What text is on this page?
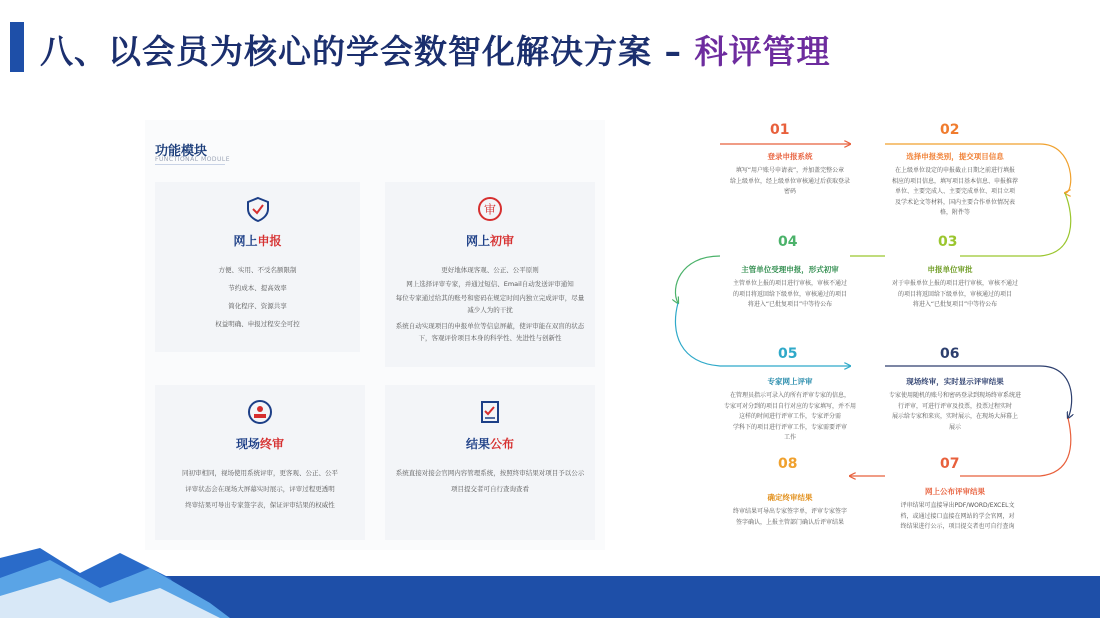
八、以会员为核心的学会数智化解决方案 – 科评管理
功能模块
FUNCTIONAL MODULE
网上申报
方便、实用、不受名额限制
节约成本、提高效率
简化程序、资源共享
权益明确、申报过程安全可控
审
网上初审
更好地体现客观、公正、公平原则
网上选择评审专家，并通过短信、Email自动发送评审通知
每位专家通过给其的账号和密码在规定时间内独立完成评审，尽量减少人为的干扰
系统自动实现项目的申报单位等信息屏蔽，使评审能在双盲的状态下，客观评价项目本身的科学性、先进性与创新性
现场终审
同初审相同，视场使用系统评审，更客观、公正、公平
评审状态会在现场大屏幕实时展示，评审过程更透明
终审结果可导出专家签字表，保证评审结果的权威性
结果公布
系统直接对接会官网内容管理系统，按照终审结果对项目予以公示
项目提交者可自行查询查看
01
登录申报系统
填写“用户账号申请表”，并加盖完整公章
给上级单位，经上级单位审核通过后获取登录
密码
02
选择申报类别，提交项目信息
在上级单位设定的申报截止日期之前进行填报
相应的项目信息，填写项目基本信息、申报推荐
单位、主要完成人、主要完成单位、项目立项
及学术论文等材料，国内主要合作单位情况表
格，附件等
03
申报单位审批
对于申报单位上报的项目进行审核，审核不通过
的项目将返回给下级单位，审核通过的项目
将进入“已批复项目”中等待公布
04
主管单位受理申报，形式初审
主管单位上报的项目进行审核，审核不通过
的项目将返回给下级单位，审核通过的项目
将进入“已批复项目”中等待公布
05
专家网上评审
在管理员指示可录入的所有评审专家的信息，
专家可对分到的项目自行对应的专家填写，并不用
这样的时间进行评审工作，专家评分需
学科下的项目进行评审工作，专家需要评审
工作
06
现场终审，实时显示评审结果
专家使用随机的账号和密码登录到现场终审系统进
行评审，可进行评审及投票，投票过程实时
展示给专家和来宾，实时展示，在现场大屏幕上
展示
07
网上公布评审结果
评审结果可直接导出PDF/WORD/EXCEL文
档，或通过接口直接在网站的学会官网，对
终结果进行公示，项目提交者也可自行查询
08
确定终审结果
终审结果可导出专家签字单，评审专家签字
签字确认，上报主管部门确认后评审结果
